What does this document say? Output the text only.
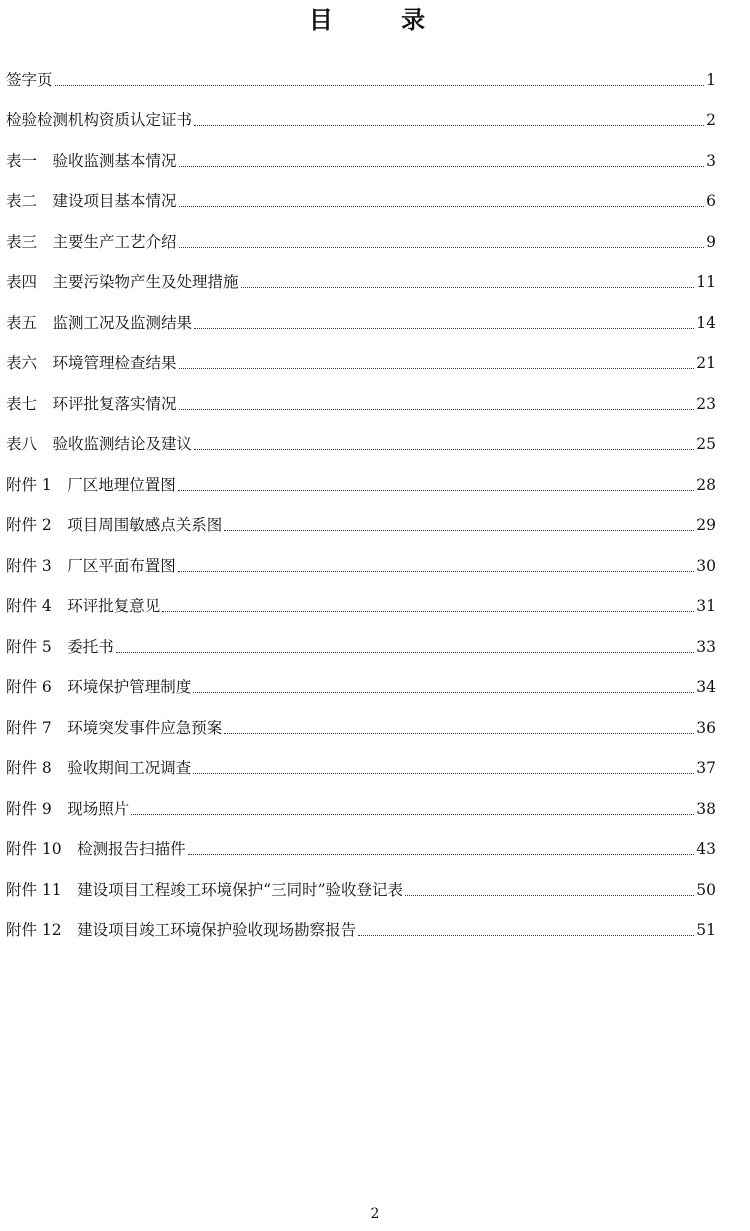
目 录
签字页	1
检验检测机构资质认定证书	2
表一　验收监测基本情况	3
表二　建设项目基本情况	6
表三　主要生产工艺介绍	9
表四　主要污染物产生及处理措施	11
表五　监测工况及监测结果	14
表六　环境管理检查结果	21
表七　环评批复落实情况	23
表八　验收监测结论及建议	25
附件 1　厂区地理位置图	28
附件 2　项目周围敏感点关系图	29
附件 3　厂区平面布置图	30
附件 4　环评批复意见	31
附件 5　委托书	33
附件 6　环境保护管理制度	34
附件 7　环境突发事件应急预案	36
附件 8　验收期间工况调查	37
附件 9　现场照片	38
附件 10　检测报告扫描件	43
附件 11　建设项目工程竣工环境保护“三同时”验收登记表	50
附件 12　建设项目竣工环境保护验收现场勘察报告	51
2
